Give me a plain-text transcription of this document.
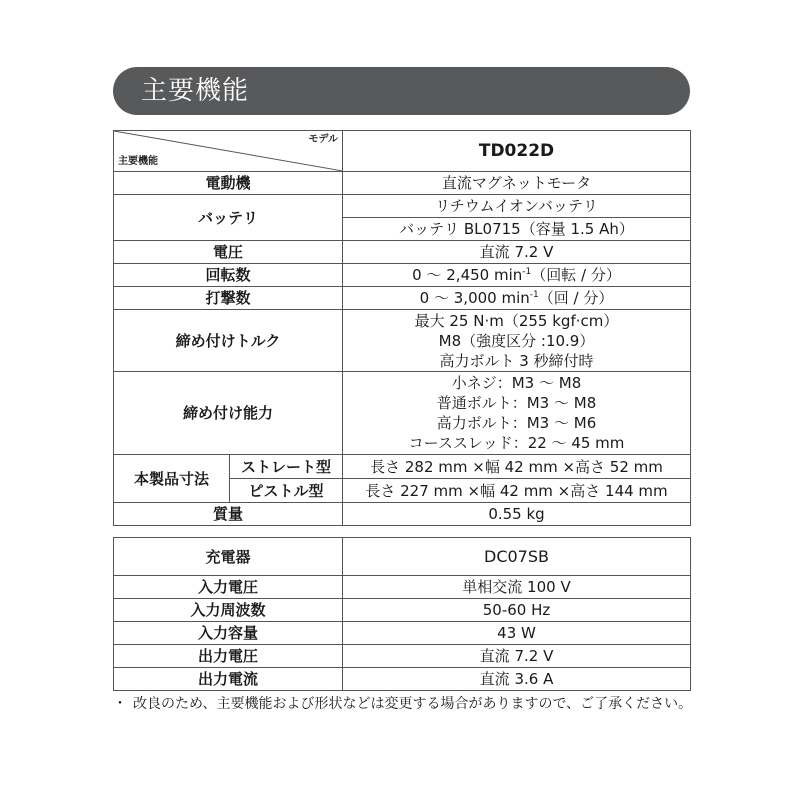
主要機能
モデル
主要機能		TD022D
電動機		直流マグネットモータ
バッテリ		リチウムイオンバッテリ
		バッテリ BL0715（容量 1.5 Ah）
電圧		直流 7.2 V
回転数		0 ～ 2,450 $\min^{-1}$（回転 / 分）
打撃数		0 ～ 3,000 $\min^{-1}$（回 / 分）
締め付けトルク		最大 25 N·m（255 kgf·cm）
M8（強度区分 :10.9）
高力ボルト 3 秒締付時

締め付け能力		小ネジ：M3 ～ M8
普通ボルト：M3 ～ M8
高力ボルト：M3 ～ M6
コーススレッド：22 ～ 45 mm

本製品寸法	ストレート型	長さ 282 mm ×幅 42 mm ×高さ 52 mm
	ピストル型	長さ 227 mm ×幅 42 mm ×高さ 144 mm
質量		0.55 kg
充電器	DC07SB
入力電圧	単相交流 100 V
入力周波数	50-60 Hz
入力容量	43 W
出力電圧	直流 7.2 V
出力電流	直流 3.6 A
・ 改良のため、主要機能および形状などは変更する場合がありますので、ご了承ください。
